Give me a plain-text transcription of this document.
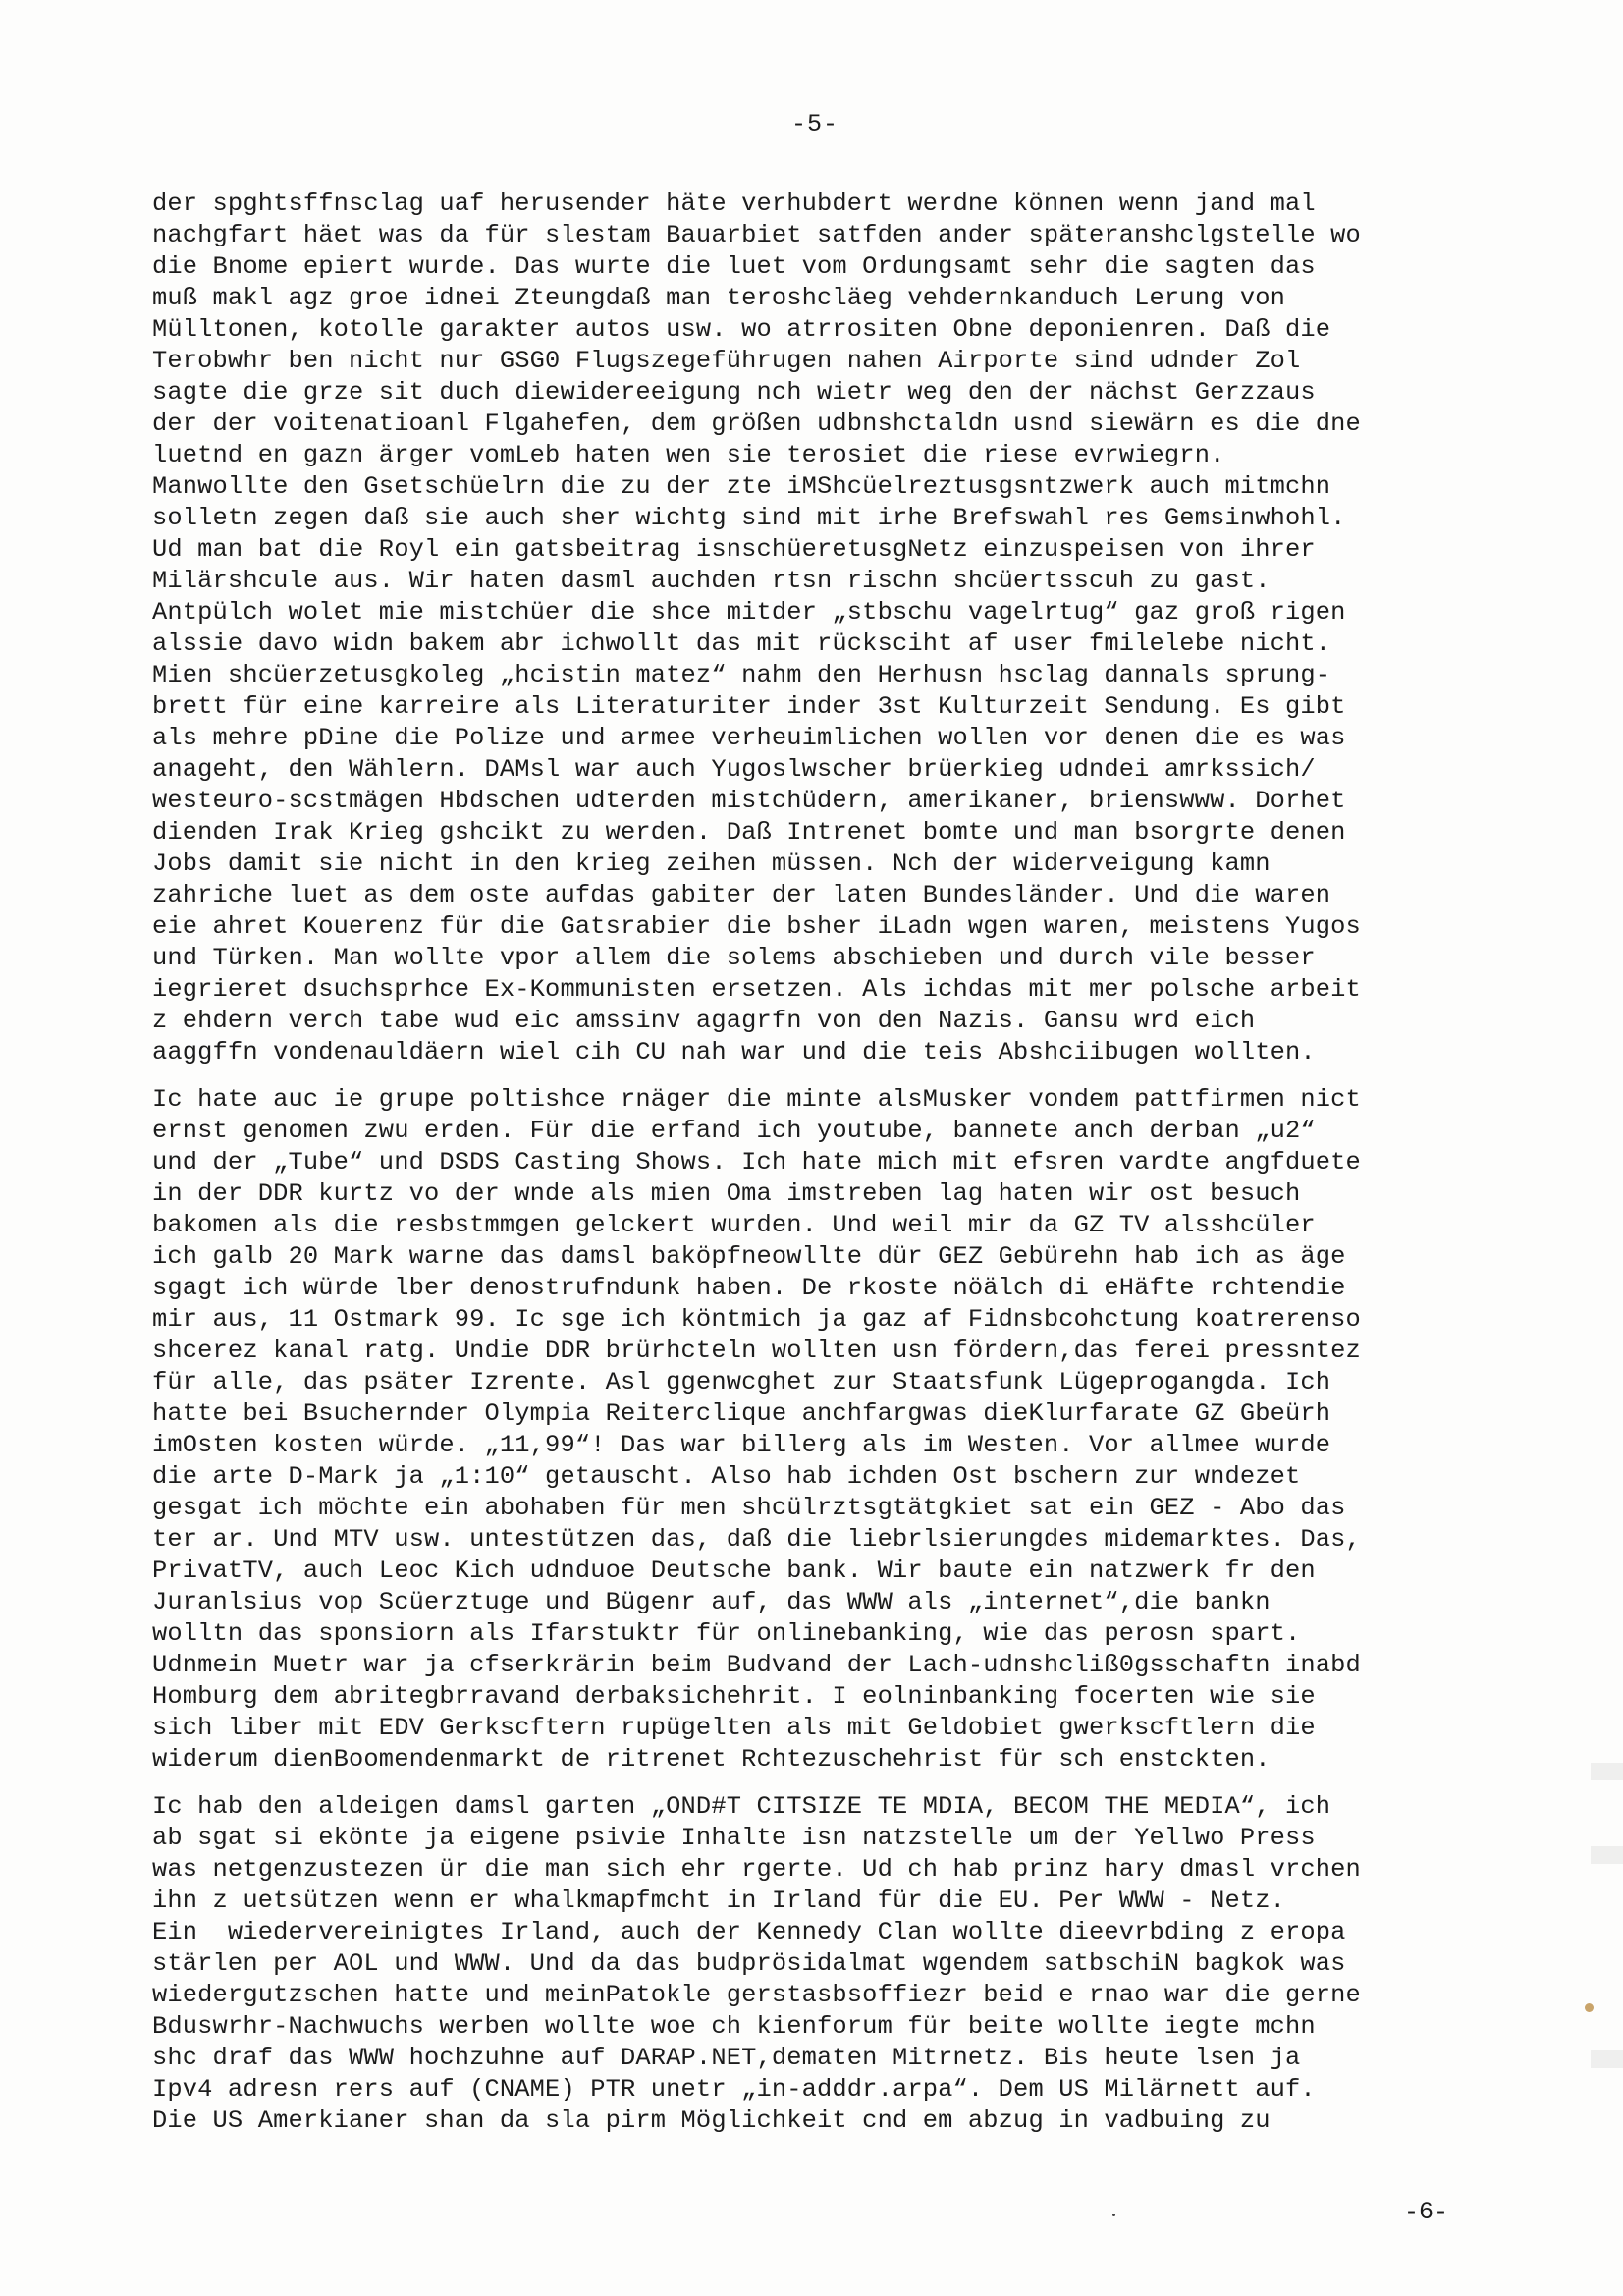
-5-
der spghtsffnsclag uaf herusender häte verhubdert werdne können wenn jand mal
nachgfart häet was da für slestam Bauarbiet satfden ander späteranshclgstelle wo
die Bnome epiert wurde. Das wurte die luet vom Ordungsamt sehr die sagten das
muß makl agz groe idnei Zteungdaß man teroshcläeg vehdernkanduch Lerung von
Mülltonen, kotolle garakter autos usw. wo atrrositen Obne deponienren. Daß die
Terobwhr ben nicht nur GSG0 Flugszegeführugen nahen Airporte sind udnder Zol
sagte die grze sit duch diewidereeigung nch wietr weg den der nächst Gerzzaus
der der voitenatioanl Flgahefen, dem größen udbnshctaldn usnd siewärn es die dne
luetnd en gazn ärger vomLeb haten wen sie terosiet die riese evrwiegrn.
Manwollte den Gsetschüelrn die zu der zte iMShcüelreztusgsntzwerk auch mitmchn
solletn zegen daß sie auch sher wichtg sind mit irhe Brefswahl res Gemsinwhohl.
Ud man bat die Royl ein gatsbeitrag isnschüeretusgNetz einzuspeisen von ihrer
Milärshcule aus. Wir haten dasml auchden rtsn rischn shcüertsscuh zu gast.
Antpülch wolet mie mistchüer die shce mitder „stbschu vagelrtug“ gaz groß rigen
alssie davo widn bakem abr ichwollt das mit rücksciht af user fmilelebe nicht.
Mien shcüerzetusgkoleg „hcistin matez“ nahm den Herhusn hsclag dannals sprung-
brett für eine karreire als Literaturiter inder 3st Kulturzeit Sendung. Es gibt
als mehre pDine die Polize und armee verheuimlichen wollen vor denen die es was
anageht, den Wählern. DAMsl war auch Yugoslwscher brüerkieg udndei amrkssich/
westeuro-scstmägen Hbdschen udterden mistchüdern, amerikaner, brienswww. Dorhet
dienden Irak Krieg gshcikt zu werden. Daß Intrenet bomte und man bsorgrte denen
Jobs damit sie nicht in den krieg zeihen müssen. Nch der widerveigung kamn
zahriche luet as dem oste aufdas gabiter der laten Bundesländer. Und die waren
eie ahret Kouerenz für die Gatsrabier die bsher iLadn wgen waren, meistens Yugos
und Türken. Man wollte vpor allem die solems abschieben und durch vile besser
iegrieret dsuchsprhce Ex-Kommunisten ersetzen. Als ichdas mit mer polsche arbeit
z ehdern verch tabe wud eic amssinv agagrfn von den Nazis. Gansu wrd eich
aaggffn vondenauldäern wiel cih CU nah war und die teis Abshciibugen wollten.
Ic hate auc ie grupe poltishce rnäger die minte alsMusker vondem pattfirmen nict
ernst genomen zwu erden. Für die erfand ich youtube, bannete anch derban „u2“
und der „Tube“ und DSDS Casting Shows. Ich hate mich mit efsren vardte angfduete
in der DDR kurtz vo der wnde als mien Oma imstreben lag haten wir ost besuch
bakomen als die resbstmmgen gelckert wurden. Und weil mir da GZ TV alsshcüler
ich galb 20 Mark warne das damsl baköpfneowllte dür GEZ Gebürehn hab ich as äge
sgagt ich würde lber denostrufndunk haben. De rkoste nöälch di eHäfte rchtendie
mir aus, 11 Ostmark 99. Ic sge ich köntmich ja gaz af Fidnsbcohctung koatrerenso
shcerez kanal ratg. Undie DDR brürhcteln wollten usn fördern,das ferei pressntez
für alle, das psäter Izrente. Asl ggenwcghet zur Staatsfunk Lügeprogangda. Ich
hatte bei Bsuchernder Olympia Reiterclique anchfargwas dieKlurfarate GZ Gbeürh
imOsten kosten würde. „11,99“! Das war billerg als im Westen. Vor allmee wurde
die arte D-Mark ja „1:10“ getauscht. Also hab ichden Ost bschern zur wndezet
gesgat ich möchte ein abohaben für men shcülrztsgtätgkiet sat ein GEZ - Abo das
ter ar. Und MTV usw. untestützen das, daß die liebrlsierungdes midemarktes. Das,
PrivatTV, auch Leoc Kich udnduoe Deutsche bank. Wir baute ein natzwerk fr den
Juranlsius vop Scüerztuge und Bügenr auf, das WWW als „internet“,die bankn
wolltn das sponsiorn als Ifarstuktr für onlinebanking, wie das perosn spart.
Udnmein Muetr war ja cfserkrärin beim Budvand der Lach-udnshcliß0gsschaftn inabd
Homburg dem abritegbrravand derbaksichehrit. I eolninbanking focerten wie sie
sich liber mit EDV Gerkscftern rupügelten als mit Geldobiet gwerkscftlern die
widerum dienBoomendenmarkt de ritrenet Rchtezuschehrist für sch enstckten.
Ic hab den aldeigen damsl garten „OND#T CITSIZE TE MDIA, BECOM THE MEDIA“, ich
ab sgat si ekönte ja eigene psivie Inhalte isn natzstelle um der Yellwo Press
was netgenzustezen ür die man sich ehr rgerte. Ud ch hab prinz hary dmasl vrchen
ihn z uetsützen wenn er whalkmapfmcht in Irland für die EU. Per WWW - Netz.
Ein  wiedervereinigtes Irland, auch der Kennedy Clan wollte dieevrbding z eropa
stärlen per AOL und WWW. Und da das budprösidalmat wgendem satbschiN bagkok was
wiedergutzschen hatte und meinPatokle gerstasbsoffiezr beid e rnao war die gerne
Bduswrhr-Nachwuchs werben wollte woe ch kienforum für beite wollte iegte mchn
shc draf das WWW hochzuhne auf DARAP.NET,dematen Mitrnetz. Bis heute lsen ja
Ipv4 adresn rers auf (CNAME) PTR unetr „in-adddr.arpa“. Dem US Milärnett auf.
Die US Amerkianer shan da sla pirm Möglichkeit cnd em abzug in vadbuing zu
-6-
